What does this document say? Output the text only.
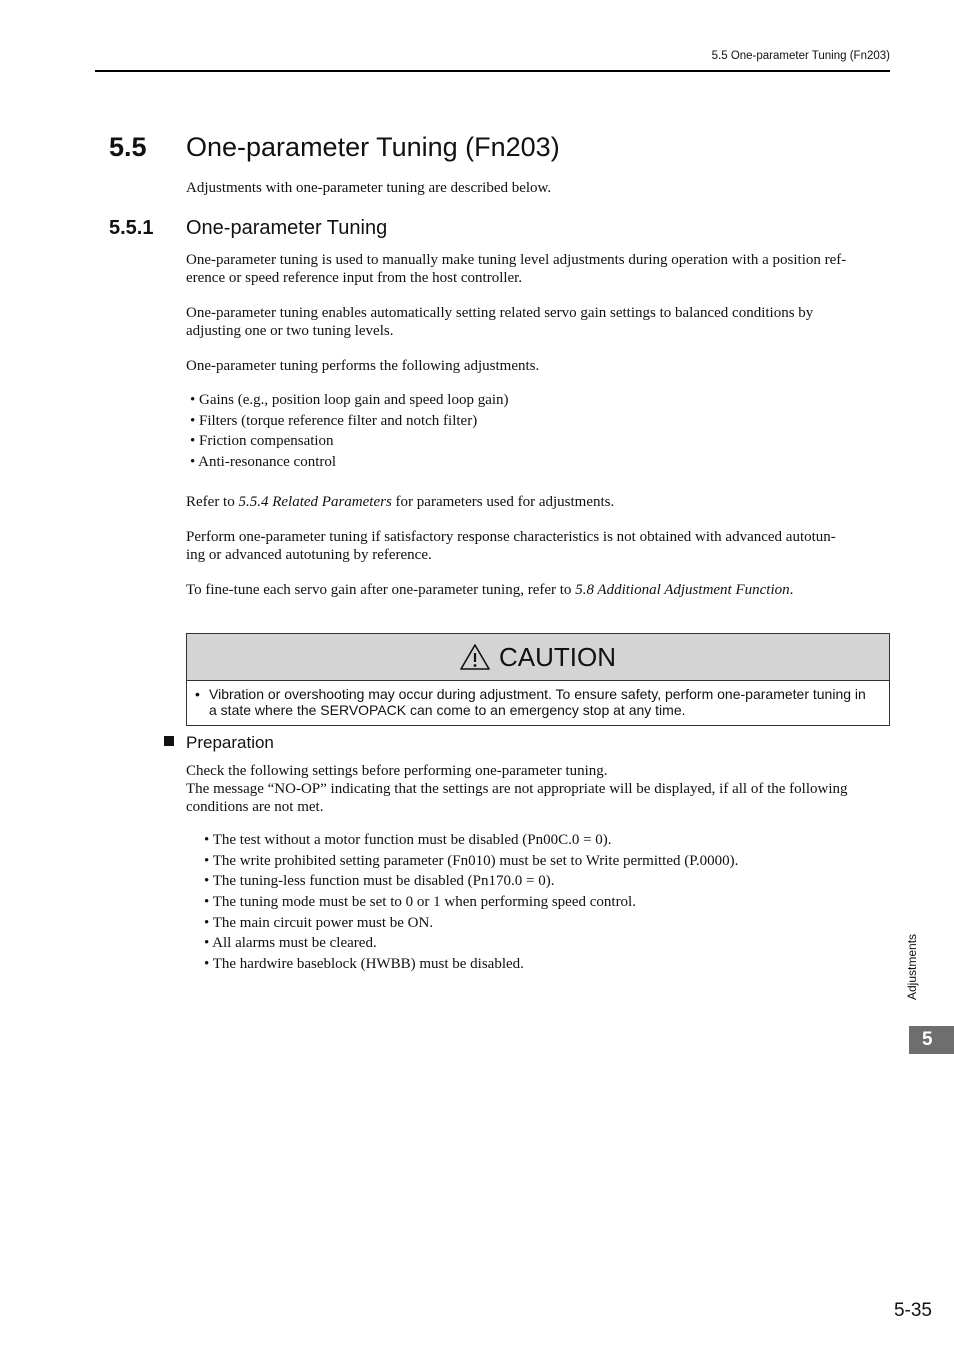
5.5 One-parameter Tuning (Fn203)
5.5 One-parameter Tuning (Fn203)
Adjustments with one-parameter tuning are described below.
5.5.1 One-parameter Tuning
One-parameter tuning is used to manually make tuning level adjustments during operation with a position ref-
erence or speed reference input from the host controller.
One-parameter tuning enables automatically setting related servo gain settings to balanced conditions by
adjusting one or two tuning levels.
One-parameter tuning performs the following adjustments.
• Gains (e.g., position loop gain and speed loop gain)
• Filters (torque reference filter and notch filter)
• Friction compensation
• Anti-resonance control
Refer to 5.5.4 Related Parameters for parameters used for adjustments.
Perform one-parameter tuning if satisfactory response characteristics is not obtained with advanced autotun-
ing or advanced autotuning by reference.
To fine-tune each servo gain after one-parameter tuning, refer to 5.8 Additional Adjustment Function.
CAUTION
• Vibration or overshooting may occur during adjustment. To ensure safety, perform one-parameter tuning in
a state where the SERVOPACK can come to an emergency stop at any time.
Preparation
Check the following settings before performing one-parameter tuning.
The message “NO-OP” indicating that the settings are not appropriate will be displayed, if all of the following
conditions are not met.
• The test without a motor function must be disabled (Pn00C.0 = 0).
• The write prohibited setting parameter (Fn010) must be set to Write permitted (P.0000).
• The tuning-less function must be disabled (Pn170.0 = 0).
• The tuning mode must be set to 0 or 1 when performing speed control.
• The main circuit power must be ON.
• All alarms must be cleared.
• The hardwire baseblock (HWBB) must be disabled.	Adjustments
5
5-35
